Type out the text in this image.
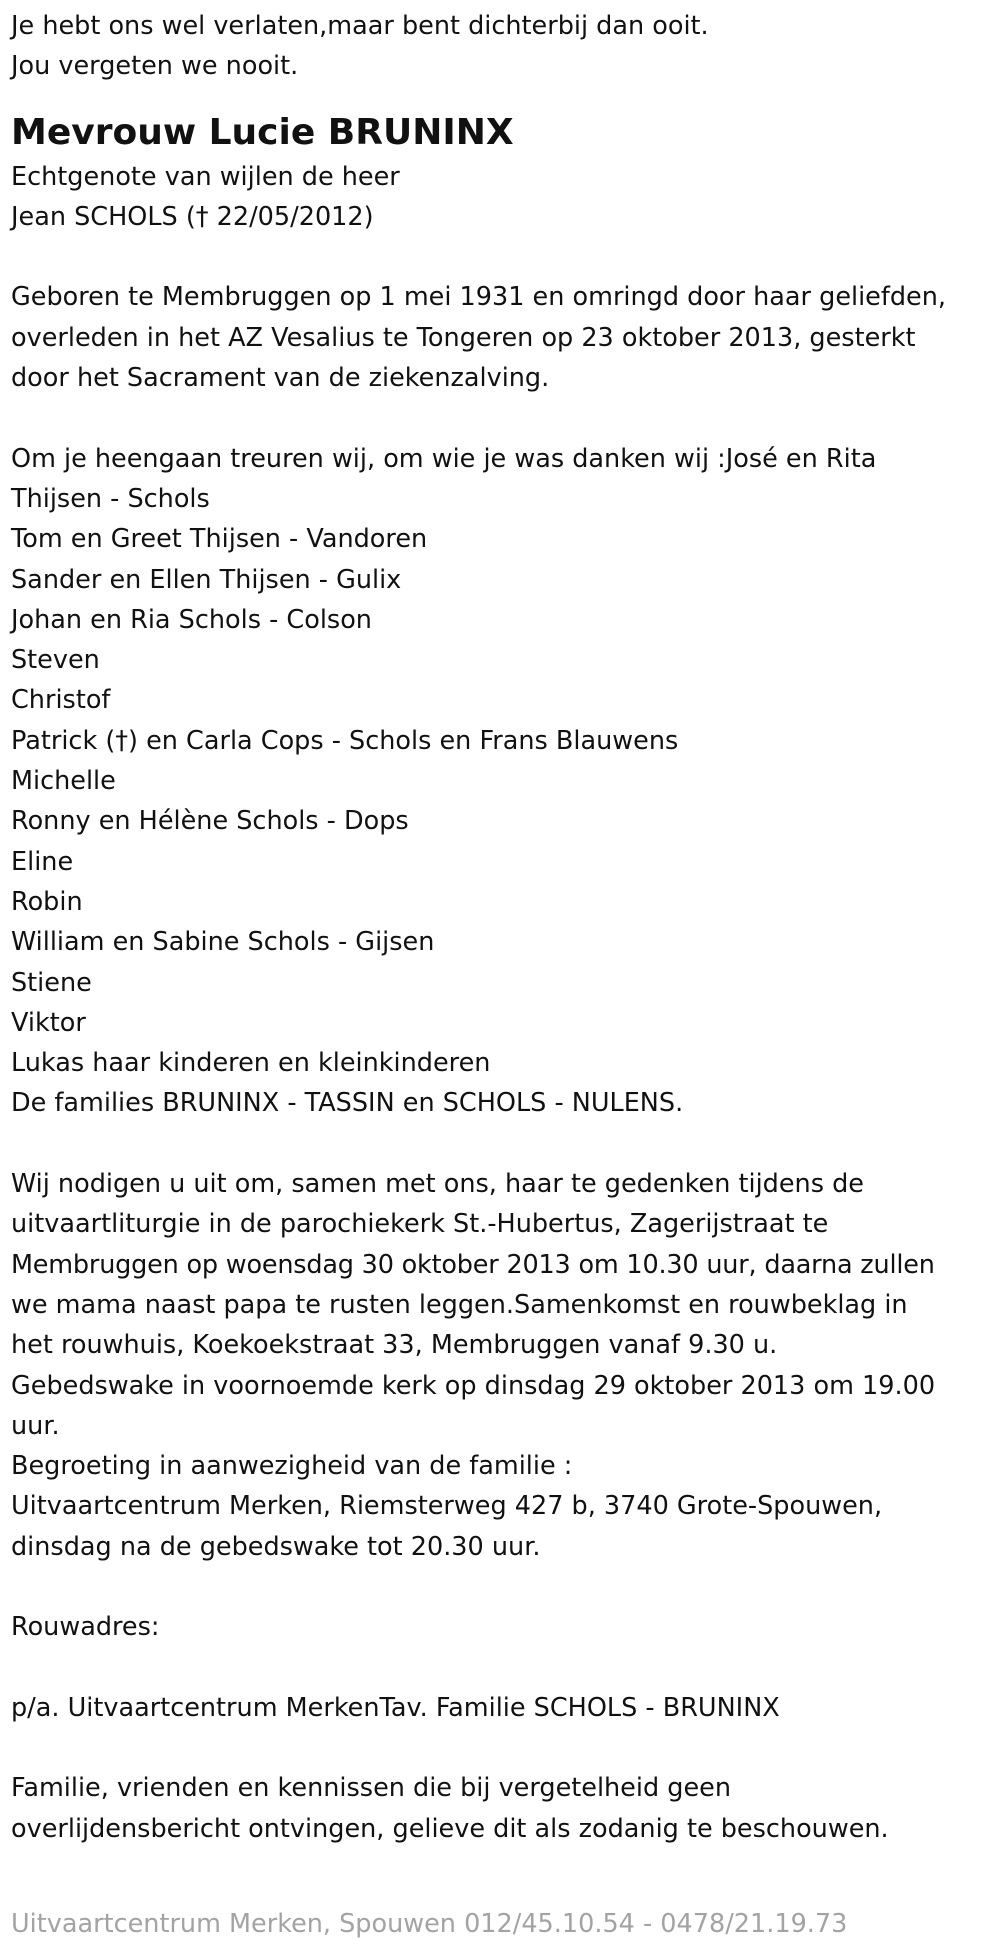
Je hebt ons wel verlaten,maar bent dichterbij dan ooit.
Jou vergeten we nooit.
Mevrouw Lucie BRUNINX
Echtgenote van wijlen de heer
Jean SCHOLS († 22/05/2012)
Geboren te Membruggen op 1 mei 1931 en omringd door haar geliefden,
overleden in het AZ Vesalius te Tongeren op 23 oktober 2013, gesterkt
door het Sacrament van de ziekenzalving.
Om je heengaan treuren wij, om wie je was danken wij :José en Rita
Thijsen - Schols
Tom en Greet Thijsen - Vandoren
Sander en Ellen Thijsen - Gulix
Johan en Ria Schols - Colson
Steven
Christof
Patrick (†) en Carla Cops - Schols en Frans Blauwens
Michelle
Ronny en Hélène Schols - Dops
Eline
Robin
William en Sabine Schols - Gijsen
Stiene
Viktor
Lukas haar kinderen en kleinkinderen
De families BRUNINX - TASSIN en SCHOLS - NULENS.
Wij nodigen u uit om, samen met ons, haar te gedenken tijdens de
uitvaartliturgie in de parochiekerk St.-Hubertus, Zagerijstraat te
Membruggen op woensdag 30 oktober 2013 om 10.30 uur, daarna zullen
we mama naast papa te rusten leggen.Samenkomst en rouwbeklag in
het rouwhuis, Koekoekstraat 33, Membruggen vanaf 9.30 u.
Gebedswake in voornoemde kerk op dinsdag 29 oktober 2013 om 19.00
uur.
Begroeting in aanwezigheid van de familie :
Uitvaartcentrum Merken, Riemsterweg 427 b, 3740 Grote-Spouwen,
dinsdag na de gebedswake tot 20.30 uur.
Rouwadres:
p/a. Uitvaartcentrum MerkenTav. Familie SCHOLS - BRUNINX
Familie, vrienden en kennissen die bij vergetelheid geen
overlijdensbericht ontvingen, gelieve dit als zodanig te beschouwen.
Uitvaartcentrum Merken, Spouwen 012/45.10.54 - 0478/21.19.73
